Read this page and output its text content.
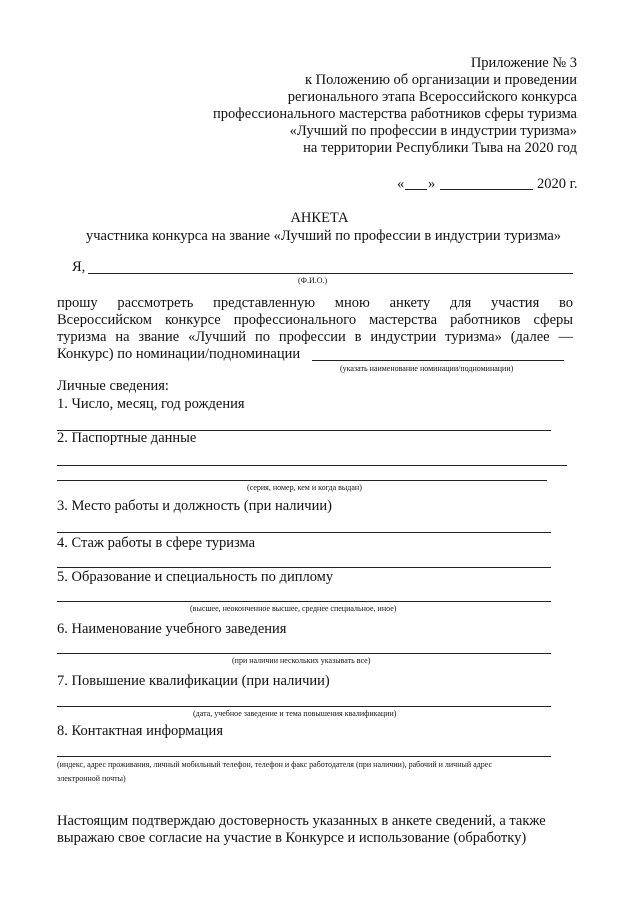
Приложение № 3
к Положению об организации и проведении
регионального этапа Всероссийского конкурса
профессионального мастерства работников сферы туризма
«Лучший по профессии в индустрии туризма»
на территории Республики Тыва на 2020 год
« »	2020 г.
АНКЕТА
участника конкурса на звание «Лучший по профессии в индустрии туризма»
Я,
(Ф.И.О.)
прошу рассмотреть представленную мною анкету для участия во
Всероссийском конкурсе профессионального мастерства работников сферы
туризма на звание «Лучший по профессии в индустрии туризма» (далее —
Конкурс) по номинации/подноминации
(указать наименование номинации/подноминации)
Личные сведения:
1. Число, месяц, год рождения
2. Паспортные данные
(серия, номер, кем и когда выдан)
3. Место работы и должность (при наличии)
4. Стаж работы в сфере туризма
5. Образование и специальность по диплому
(высшее, неоконченное высшее, среднее специальное, иное)
6. Наименование учебного заведения
(при наличии нескольких указывать все)
7. Повышение квалификации (при наличии)
(дата, учебное заведение и тема повышения квалификации)
8. Контактная информация
(индекс, адрес проживания, личный мобильный телефон, телефон и факс работодателя (при наличии), рабочий и личный адрес
электронной почты)
Настоящим подтверждаю достоверность указанных в анкете сведений, а также
выражаю свое согласие на участие в Конкурсе и использование (обработку)
